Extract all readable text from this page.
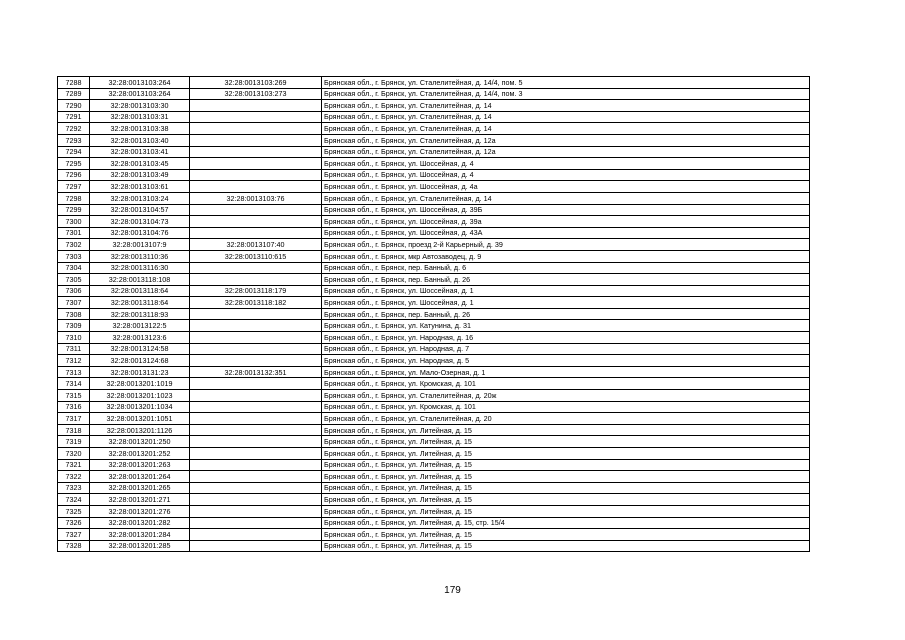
7288	32:28:0013103:264	32:28:0013103:269	Брянская обл., г. Брянск, ул. Сталелитейная, д. 14/4, пом. 5
7289	32:28:0013103:264	32:28:0013103:273	Брянская обл., г. Брянск, ул. Сталелитейная, д. 14/4, пом. 3
7290	32:28:0013103:30		Брянская обл., г. Брянск, ул. Сталелитейная, д. 14
7291	32:28:0013103:31		Брянская обл., г. Брянск, ул. Сталелитейная, д. 14
7292	32:28:0013103:38		Брянская обл., г. Брянск, ул. Сталелитейная, д. 14
7293	32:28:0013103:40		Брянская обл., г. Брянск, ул. Сталелитейная, д. 12а
7294	32:28:0013103:41		Брянская обл., г. Брянск, ул. Сталелитейная, д. 12а
7295	32:28:0013103:45		Брянская обл., г. Брянск, ул. Шоссейная, д. 4
7296	32:28:0013103:49		Брянская обл., г. Брянск, ул. Шоссейная, д. 4
7297	32:28:0013103:61		Брянская обл., г. Брянск, ул. Шоссейная, д. 4а
7298	32:28:0013103:24	32:28:0013103:76	Брянская обл., г. Брянск, ул. Сталелитейная, д. 14
7299	32:28:0013104:57		Брянская обл., г. Брянск, ул. Шоссейная, д. 39Б
7300	32:28:0013104:73		Брянская обл., г. Брянск, ул. Шоссейная, д. 39а
7301	32:28:0013104:76		Брянская обл., г. Брянск, ул. Шоссейная, д. 43А
7302	32:28:0013107:9	32:28:0013107:40	Брянская обл., г. Брянск, проезд 2-й Карьерный, д. 39
7303	32:28:0013110:36	32:28:0013110:615	Брянская обл., г. Брянск, мкр Автозаводец, д. 9
7304	32:28:0013116:30		Брянская обл., г. Брянск, пер. Банный, д. 6
7305	32:28:0013118:108		Брянская обл., г. Брянск, пер. Банный, д. 26
7306	32:28:0013118:64	32:28:0013118:179	Брянская обл., г. Брянск, ул. Шоссейная, д. 1
7307	32:28:0013118:64	32:28:0013118:182	Брянская обл., г. Брянск, ул. Шоссейная, д. 1
7308	32:28:0013118:93		Брянская обл., г. Брянск, пер. Банный, д. 26
7309	32:28:0013122:5		Брянская обл., г. Брянск, ул. Катунина, д. 31
7310	32:28:0013123:6		Брянская обл., г. Брянск, ул. Народная, д. 16
7311	32:28:0013124:58		Брянская обл., г. Брянск, ул. Народная, д. 7
7312	32:28:0013124:68		Брянская обл., г. Брянск, ул. Народная, д. 5
7313	32:28:0013131:23	32:28:0013132:351	Брянская обл., г. Брянск, ул. Мало-Озерная, д. 1
7314	32:28:0013201:1019		Брянская обл., г. Брянск, ул. Кромская, д. 101
7315	32:28:0013201:1023		Брянская обл., г. Брянск, ул. Сталелитейная, д. 20ж
7316	32:28:0013201:1034		Брянская обл., г. Брянск, ул. Кромская, д. 101
7317	32:28:0013201:1051		Брянская обл., г. Брянск, ул. Сталелитейная, д. 20
7318	32:28:0013201:1126		Брянская обл., г. Брянск, ул. Литейная, д. 15
7319	32:28:0013201:250		Брянская обл., г. Брянск, ул. Литейная, д. 15
7320	32:28:0013201:252		Брянская обл., г. Брянск, ул. Литейная, д. 15
7321	32:28:0013201:263		Брянская обл., г. Брянск, ул. Литейная, д. 15
7322	32:28:0013201:264		Брянская обл., г. Брянск, ул. Литейная, д. 15
7323	32:28:0013201:265		Брянская обл., г. Брянск, ул. Литейная, д. 15
7324	32:28:0013201:271		Брянская обл., г. Брянск, ул. Литейная, д. 15
7325	32:28:0013201:276		Брянская обл., г. Брянск, ул. Литейная, д. 15
7326	32:28:0013201:282		Брянская обл., г. Брянск, ул. Литейная, д. 15, стр. 15/4
7327	32:28:0013201:284		Брянская обл., г. Брянск, ул. Литейная, д. 15
7328	32:28:0013201:285		Брянская обл., г. Брянск, ул. Литейная, д. 15
179
